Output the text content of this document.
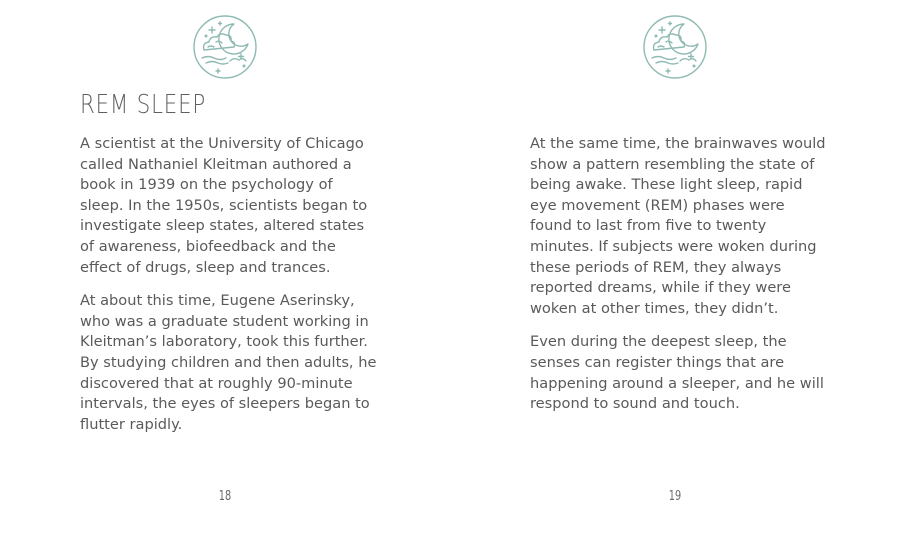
REM SLEEP

A scientist at the University of Chicago called Nathaniel Kleitman authored a book in 1939 on the psychology of sleep. In the 1950s, scientists began to investigate sleep states, altered states of awareness, biofeedback and the effect of drugs, sleep and trances.

At about this time, Eugene Aserinsky, who was a graduate student working in Kleitman’s laboratory, took this further. By studying children and then adults, he discovered that at roughly 90-minute intervals, the eyes of sleepers began to flutter rapidly.

18

At the same time, the brainwaves would show a pattern resembling the state of being awake. These light sleep, rapid eye movement (REM) phases were found to last from five to twenty minutes. If subjects were woken during these periods of REM, they always reported dreams, while if they were woken at other times, they didn’t.

Even during the deepest sleep, the senses can register things that are happening around a sleeper, and he will respond to sound and touch.

19
